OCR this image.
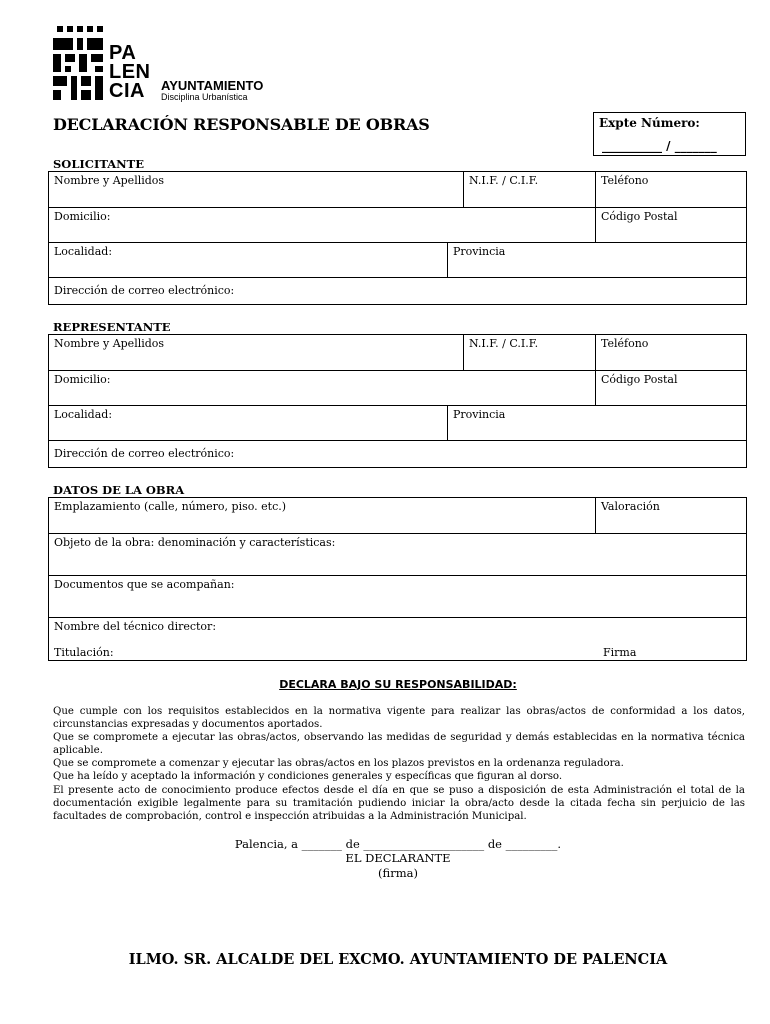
PA
LEN
CIA AYUNTAMIENTO
Disciplina Urbanística
DECLARACIÓN RESPONSABLE DE OBRAS	Expte Número:
__________ / _______
SOLICITANTE
Nombre y Apellidos	N.I.F. / C.I.F.	Teléfono
Domicilio:	Código Postal
Localidad:	Provincia
Dirección de correo electrónico:
REPRESENTANTE
Nombre y Apellidos	N.I.F. / C.I.F.	Teléfono
Domicilio:	Código Postal
Localidad:	Provincia
Dirección de correo electrónico:
DATOS DE LA OBRA
Emplazamiento (calle, número, piso. etc.)	Valoración
Objeto de la obra: denominación y características:
Documentos que se acompañan:
Nombre del técnico director:
Titulación:	Firma
DECLARA BAJO SU RESPONSABILIDAD:

Que cumple con los requisitos establecidos en la normativa vigente para realizar las obras/actos de conformidad a los datos, circunstancias expresadas y documentos aportados.

Que se compromete a ejecutar las obras/actos, observando las medidas de seguridad y demás establecidas en la normativa técnica aplicable.

Que se compromete a comenzar y ejecutar las obras/actos en los plazos previstos en la ordenanza reguladora.

Que ha leído y aceptado la información y condiciones generales y específicas que figuran al dorso.

El presente acto de conocimiento produce efectos desde el día en que se puso a disposición de esta Administración el total de la documentación exigible legalmente para su tramitación pudiendo iniciar la obra/acto desde la citada fecha sin perjuicio de las facultades de comprobación, control e inspección atribuidas a la Administración Municipal.

Palencia, a _______ de _____________________ de _________.
EL DECLARANTE
(firma)
ILMO. SR. ALCALDE DEL EXCMO. AYUNTAMIENTO DE PALENCIA
